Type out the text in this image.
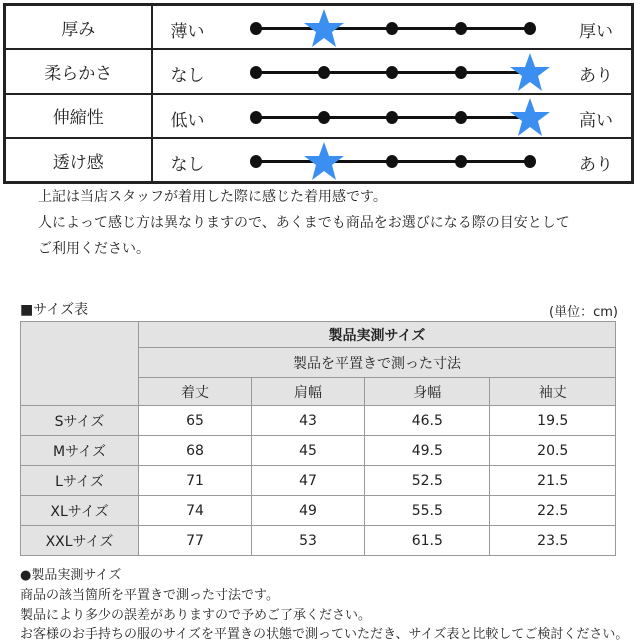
厚み	薄い 厚い

柔らかさ	なし あり

伸縮性	低い 高い

透け感	なし あり
上記は当店スタッフが着用した際に感じた着用感です。
人によって感じ方は異なりますので、あくまでも商品をお選びになる際の目安として
ご利用ください。
■サイズ表	(単位：cm)
	製品実測サイズ			
	製品を平置きで測った寸法			
	着丈	肩幅	身幅	袖丈
Sサイズ	65	43	46.5	19.5
Mサイズ	68	45	49.5	20.5
Lサイズ	71	47	52.5	21.5
XLサイズ	74	49	55.5	22.5
XXLサイズ	77	53	61.5	23.5
●製品実測サイズ
商品の該当箇所を平置きで測った寸法です。
製品により多少の誤差がありますので予めご了承ください。
お客様のお手持ちの服のサイズを平置きの状態で測っていただき、サイズ表と比較してご検討ください。
